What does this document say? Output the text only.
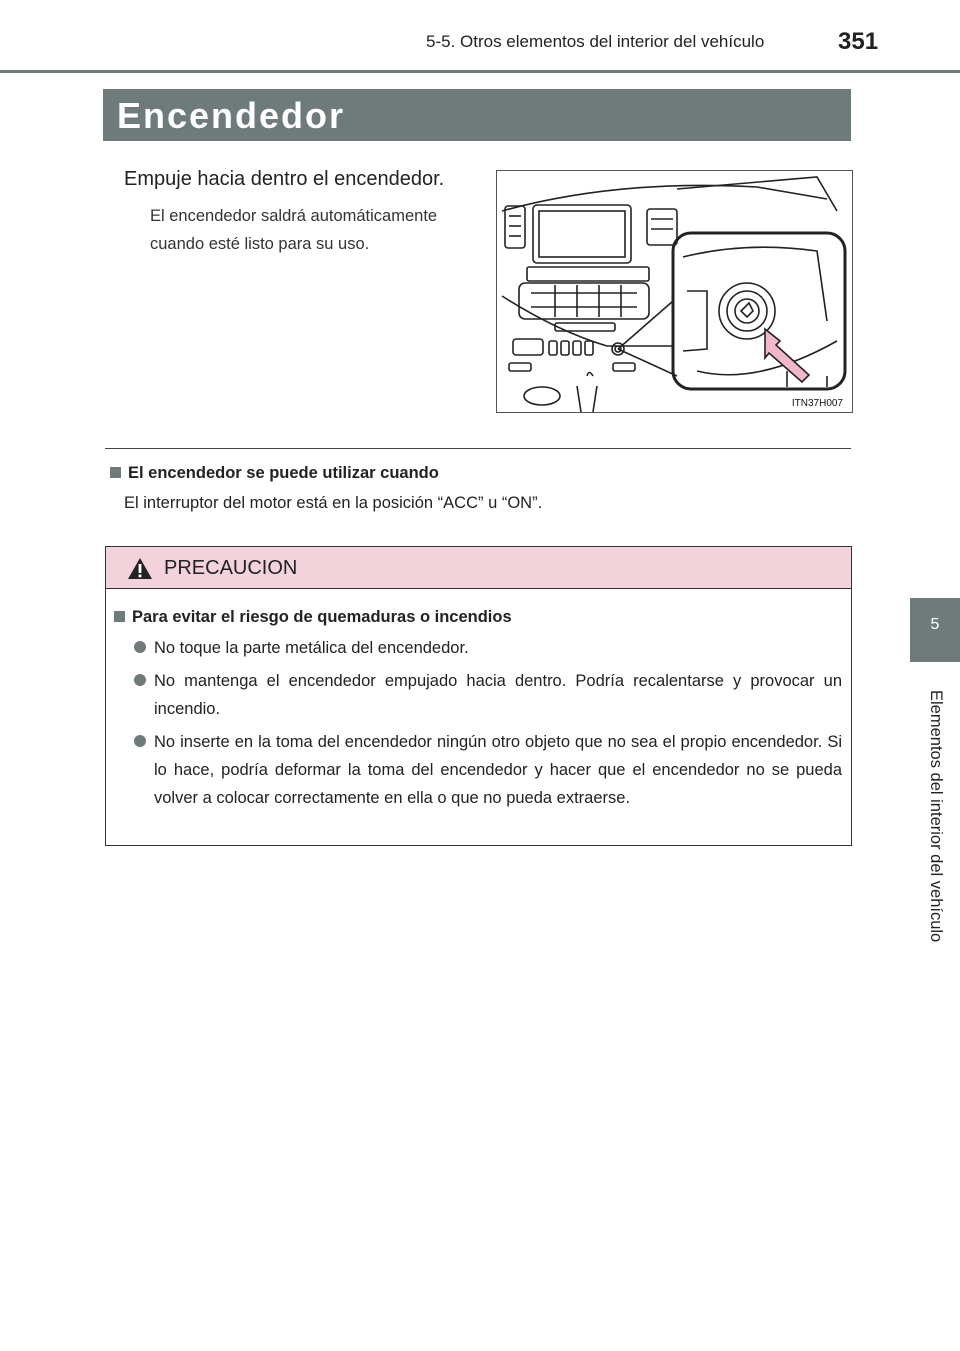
5-5. Otros elementos del interior del vehículo	351
Encendedor
Empuje hacia dentro el encendedor.
El encendedor saldrá automáticamente cuando esté listo para su uso.
ITN37H007
El encendedor se puede utilizar cuando
El interruptor del motor está en la posición “ACC” u “ON”.
PRECAUCION
Para evitar el riesgo de quemaduras o incendios
No toque la parte metálica del encendedor.
No mantenga el encendedor empujado hacia dentro. Podría recalentarse y provocar un incendio.
No inserte en la toma del encendedor ningún otro objeto que no sea el propio encendedor. Si lo hace, podría deformar la toma del encendedor y hacer que el encendedor no se pueda volver a colocar correctamente en ella o que no pueda extraerse.
5
Elementos del interior del vehículo
